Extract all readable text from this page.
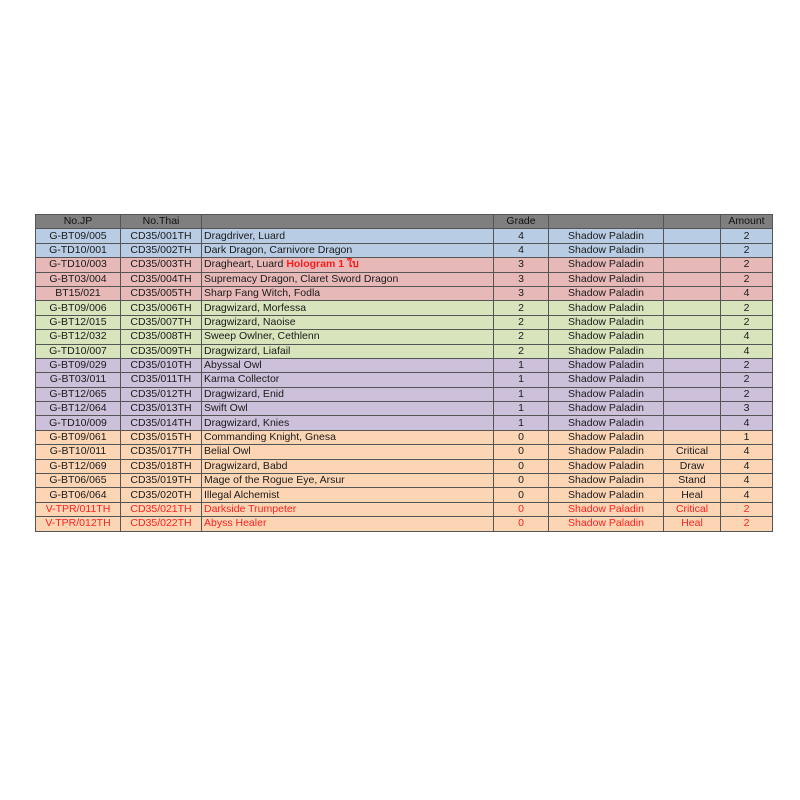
No.JP	No.Thai		Grade			Amount
G-BT09/005	CD35/001TH	Dragdriver, Luard	4	Shadow Paladin		2
G-TD10/001	CD35/002TH	Dark Dragon, Carnivore Dragon	4	Shadow Paladin		2
G-TD10/003	CD35/003TH	Dragheart, Luard Hologram 1 ใบ	3	Shadow Paladin		2
G-BT03/004	CD35/004TH	Supremacy Dragon, Claret Sword Dragon	3	Shadow Paladin		2
BT15/021	CD35/005TH	Sharp Fang Witch, Fodla	3	Shadow Paladin		4
G-BT09/006	CD35/006TH	Dragwizard, Morfessa	2	Shadow Paladin		2
G-BT12/015	CD35/007TH	Dragwizard, Naoise	2	Shadow Paladin		2
G-BT12/032	CD35/008TH	Sweep Owlner, Cethlenn	2	Shadow Paladin		4
G-TD10/007	CD35/009TH	Dragwizard, Liafail	2	Shadow Paladin		4
G-BT09/029	CD35/010TH	Abyssal Owl	1	Shadow Paladin		2
G-BT03/011	CD35/011TH	Karma Collector	1	Shadow Paladin		2
G-BT12/065	CD35/012TH	Dragwizard, Enid	1	Shadow Paladin		2
G-BT12/064	CD35/013TH	Swift Owl	1	Shadow Paladin		3
G-TD10/009	CD35/014TH	Dragwizard, Knies	1	Shadow Paladin		4
G-BT09/061	CD35/015TH	Commanding Knight, Gnesa	0	Shadow Paladin		1
G-BT10/011	CD35/017TH	Belial Owl	0	Shadow Paladin	Critical	4
G-BT12/069	CD35/018TH	Dragwizard, Babd	0	Shadow Paladin	Draw	4
G-BT06/065	CD35/019TH	Mage of the Rogue Eye, Arsur	0	Shadow Paladin	Stand	4
G-BT06/064	CD35/020TH	Illegal Alchemist	0	Shadow Paladin	Heal	4
V-TPR/011TH	CD35/021TH	Darkside Trumpeter	0	Shadow Paladin	Critical	2
V-TPR/012TH	CD35/022TH	Abyss Healer	0	Shadow Paladin	Heal	2
